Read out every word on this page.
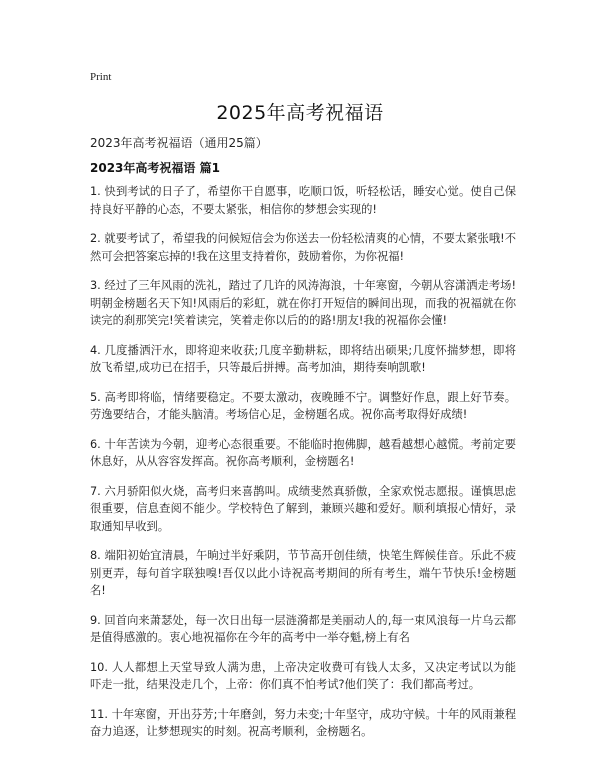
Print
2025年高考祝福语
2023年高考祝福语（通用25篇）
2023年高考祝福语 篇1

1. 快到考试的日子了，希望你干自愿事，吃顺口饭，听轻松话，睡安心觉。使自己保持良好平静的心态，不要太紧张，相信你的梦想会实现的!

2. 就要考试了，希望我的问候短信会为你送去一份轻松清爽的心情，不要太紧张哦!不然可会把答案忘掉的!我在这里支持着你，鼓励着你，为你祝福!

3. 经过了三年风雨的洗礼，踏过了几许的风涛海浪，十年寒窗，今朝从容潇洒走考场!明朝金榜题名天下知!风雨后的彩虹，就在你打开短信的瞬间出现，而我的祝福就在你读完的刹那笑完!笑着读完，笑着走你以后的的路!朋友!我的祝福你会懂!

4. 几度播洒汗水，即将迎来收获;几度辛勤耕耘，即将结出硕果;几度怀揣梦想，即将放飞希望,成功已在招手，只等最后拼搏。高考加油，期待奏响凯歌!

5. 高考即将临，情绪要稳定。不要太激动，夜晚睡不宁。调整好作息，跟上好节奏。劳逸要结合，才能头脑清。考场信心足，金榜题名成。祝你高考取得好成绩!

6. 十年苦读为今朝，迎考心态很重要。不能临时抱佛脚，越看越想心越慌。考前定要休息好，从从容容发挥高。祝你高考顺利，金榜题名!

7. 六月骄阳似火烧，高考归来喜鹊叫。成绩斐然真骄傲，全家欢悦志愿报。谨慎思虑很重要，信息查阅不能少。学校特色了解到，兼顾兴趣和爱好。顺利填报心情好，录取通知早收到。

8. 端阳初始宜清晨，午晌过半好乘阴，节节高开创佳绩，快笔生辉候佳音。乐此不疲别更弄，每句首字联独嗅!吾仅以此小诗祝高考期间的所有考生，端午节快乐!金榜题名!

9. 回首向来萧瑟处，每一次日出每一层涟漪都是美丽动人的,每一束风浪每一片乌云都是值得感激的。衷心地祝福你在今年的高考中一举夺魁,榜上有名

10. 人人都想上天堂导致人满为患，上帝决定收费可有钱人太多，又决定考试以为能吓走一批，结果没走几个，上帝：你们真不怕考试?他们笑了：我们都高考过。

11. 十年寒窗，开出芬芳;十年磨剑，努力未变;十年坚守，成功守候。十年的风雨兼程奋力追逐，让梦想现实的时刻。祝高考顺利，金榜题名。
